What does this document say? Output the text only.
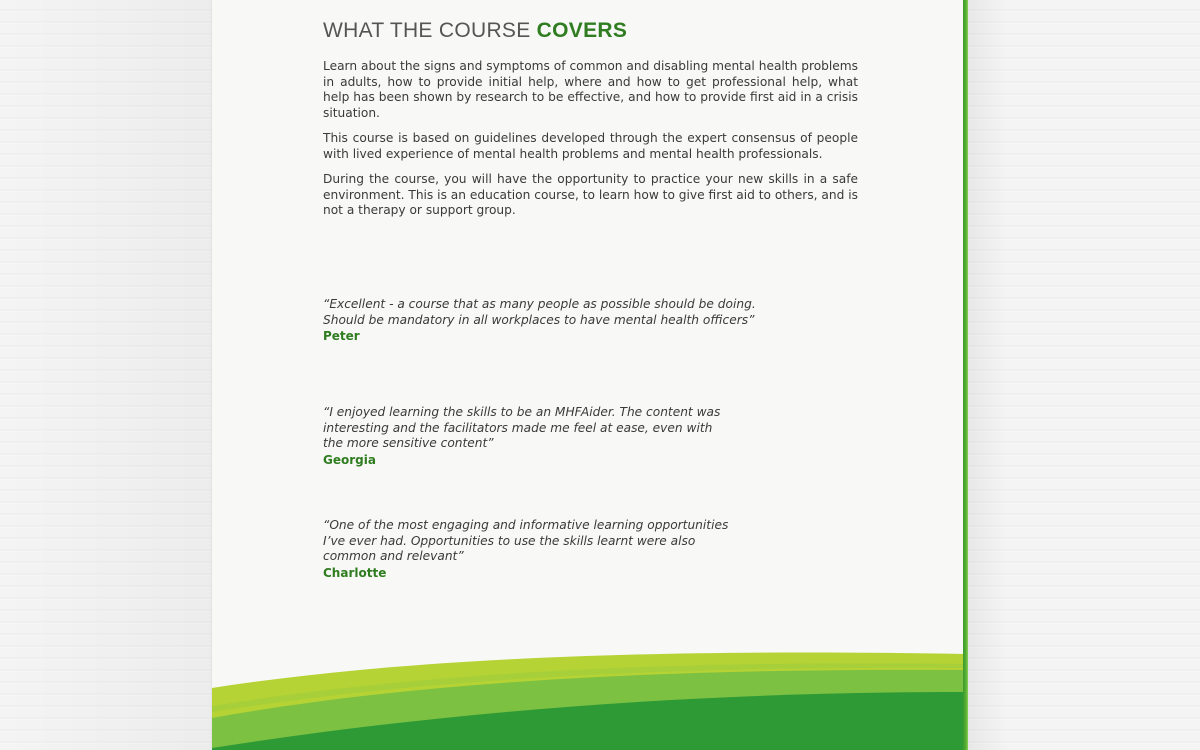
WHAT THE COURSE COVERS

Learn about the signs and symptoms of common and disabling mental health problems in adults, how to provide initial help, where and how to get professional help, what help has been shown by research to be effective, and how to provide first aid in a crisis situation.

This course is based on guidelines developed through the expert consensus of people with lived experience of mental health problems and mental health professionals.

During the course, you will have the opportunity to practice your new skills in a safe environment. This is an education course, to learn how to give first aid to others, and is not a therapy or support group.

“Excellent - a course that as many people as possible should be doing.
Should be mandatory in all workplaces to have mental health officers”

Peter

“I enjoyed learning the skills to be an MHFAider. The content was
interesting and the facilitators made me feel at ease, even with
the more sensitive content”

Georgia

“One of the most engaging and informative learning opportunities
I’ve ever had. Opportunities to use the skills learnt were also
common and relevant”

Charlotte
